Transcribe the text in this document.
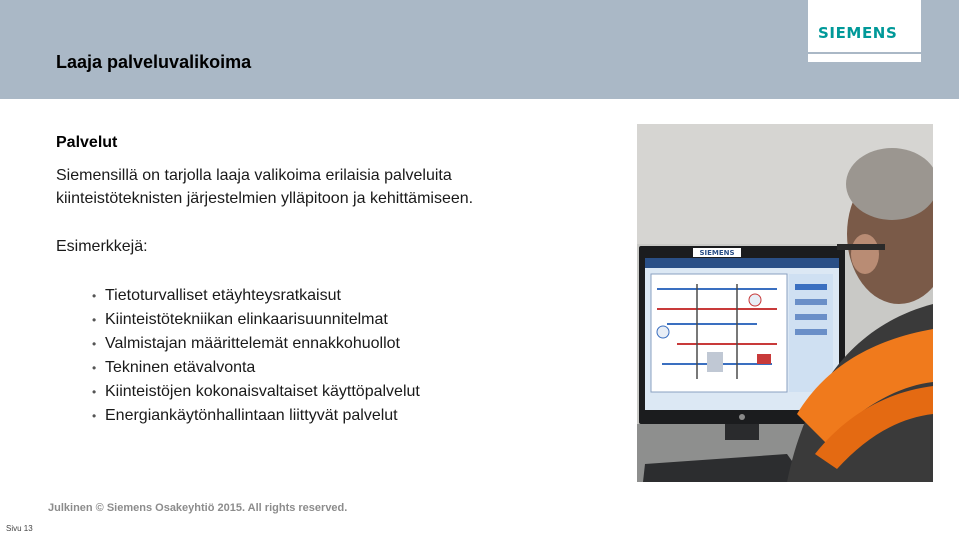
Laaja palveluvalikoima
SIEMENS
Palvelut
Siemensillä on tarjolla laaja valikoima erilaisia palveluita
kiinteistöteknisten järjestelmien ylläpitoon ja kehittämiseen.
Esimerkkejä:
• Tietoturvalliset etäyhteysratkaisut
• Kiinteistötekniikan elinkaarisuunnitelmat
• Valmistajan määrittelemät ennakkohuollot
• Tekninen etävalvonta
• Kiinteistöjen kokonaisvaltaiset käyttöpalvelut
• Energiankäytönhallintaan liittyvät palvelut
SIEMENS
Julkinen © Siemens Osakeyhtiö 2015. All rights reserved.
Sivu 13
